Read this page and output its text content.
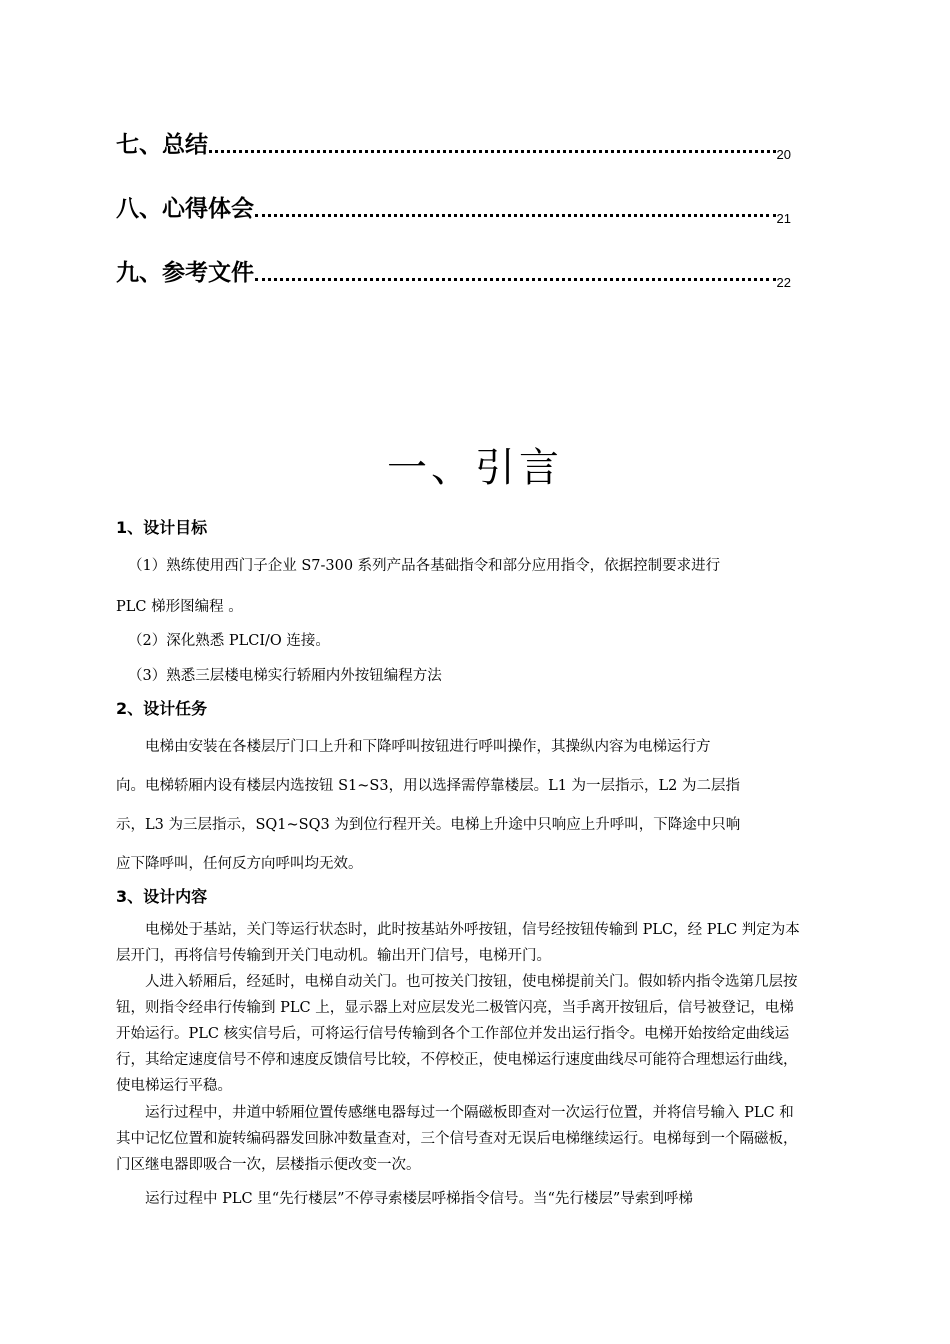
七、总结	20
八、心得体会	21
九、参考文件	22
一、引言
1、设计目标
（1）熟练使用西门子企业 S7-300 系列产品各基础指令和部分应用指令，依据控制要求进行
PLC 梯形图编程 。
（2）深化熟悉 PLCI/O 连接。
（3）熟悉三层楼电梯实行轿厢内外按钮编程方法
2、设计任务
电梯由安装在各楼层厅门口上升和下降呼叫按钮进行呼叫操作，其操纵内容为电梯运行方
向。电梯轿厢内设有楼层内选按钮 S1~S3，用以选择需停靠楼层。L1 为一层指示，L2 为二层指
示，L3 为三层指示，SQ1~SQ3 为到位行程开关。电梯上升途中只响应上升呼叫，下降途中只响
应下降呼叫，任何反方向呼叫均无效。
3、设计内容
电梯处于基站，关门等运行状态时，此时按基站外呼按钮，信号经按钮传输到 PLC，经 PLC 判定为本层开门，再将信号传输到开关门电动机。输出开门信号，电梯开门。
人进入轿厢后，经延时，电梯自动关门。也可按关门按钮，使电梯提前关门。假如轿内指令选第几层按钮，则指令经串行传输到 PLC 上，显示器上对应层发光二极管闪亮，当手离开按钮后，信号被登记，电梯开始运行。PLC 核实信号后，可将运行信号传输到各个工作部位并发出运行指令。电梯开始按给定曲线运行，其给定速度信号不停和速度反馈信号比较，不停校正，使电梯运行速度曲线尽可能符合理想运行曲线，使电梯运行平稳。
运行过程中，井道中轿厢位置传感继电器每过一个隔磁板即查对一次运行位置，并将信号输入 PLC 和其中记忆位置和旋转编码器发回脉冲数量查对，三个信号查对无误后电梯继续运行。电梯每到一个隔磁板，门区继电器即吸合一次，层楼指示便改变一次。
运行过程中 PLC 里“先行楼层”不停寻索楼层呼梯指令信号。当“先行楼层”导索到呼梯
